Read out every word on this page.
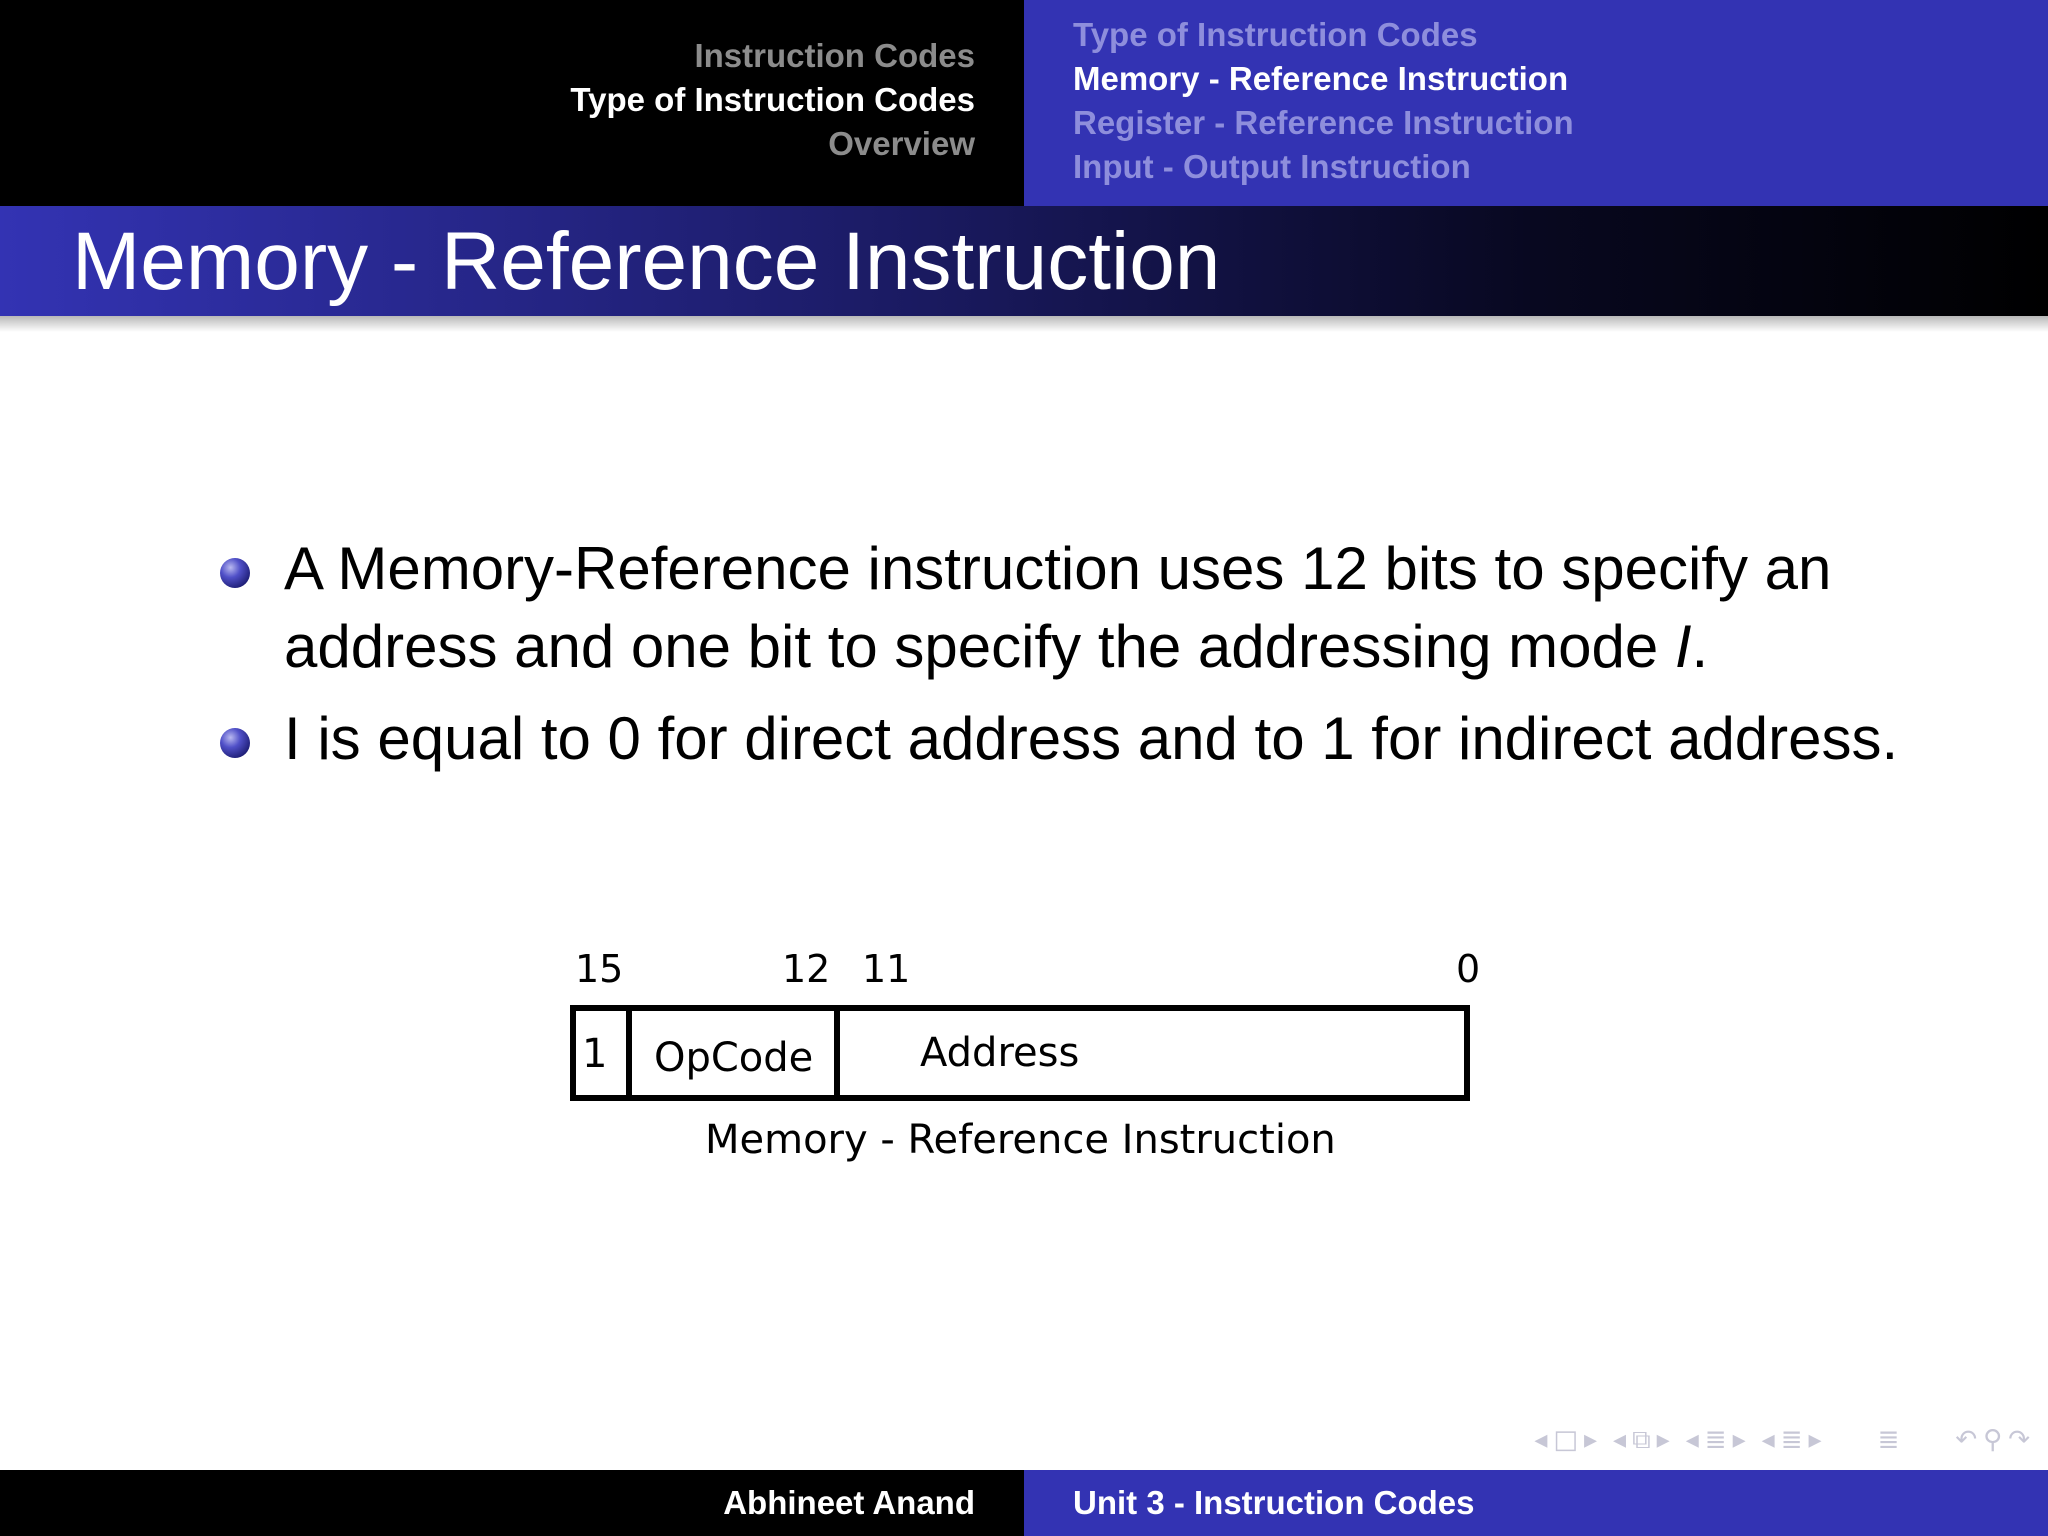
Instruction Codes
Type of Instruction Codes
Overview
Type of Instruction Codes
Memory - Reference Instruction
Register - Reference Instruction
Input - Output Instruction
Memory - Reference Instruction
A Memory-Reference instruction uses 12 bits to specify an address and one bit to specify the addressing mode I.
I is equal to 0 for direct address and to 1 for indirect address.
15	12 11	0
1 OpCode	Address
Memory - Reference Instruction
◂ □ ▸ ◂ ⧉ ▸ ◂ ≣ ▸ ◂ ≣ ▸ ≣ ↶ ⚲ ↷
Abhineet Anand	Unit 3 - Instruction Codes
